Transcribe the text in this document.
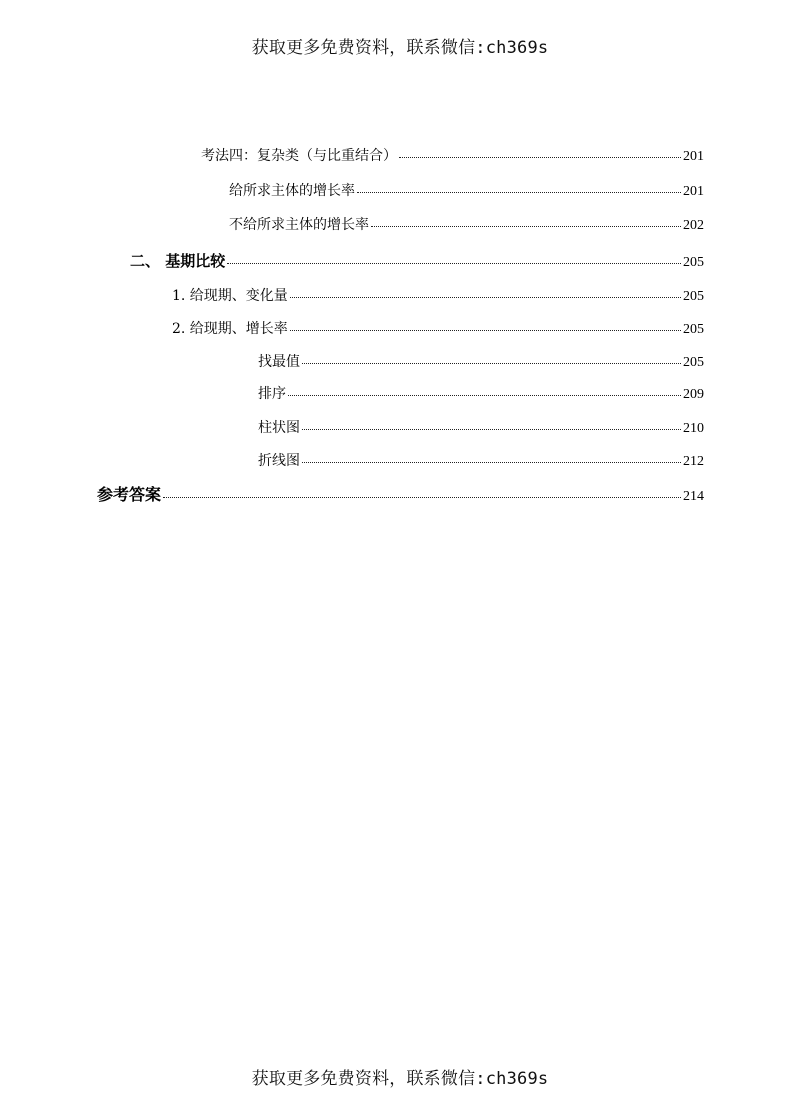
获取更多免费资料，联系微信:ch369s
考法四：复杂类（与比重结合）	201
给所求主体的增长率	201
不给所求主体的增长率	202
二、 基期比较	205
1. 给现期、变化量	205
2. 给现期、增长率	205
找最值	205
排序	209
柱状图	210
折线图	212
参考答案	214
获取更多免费资料，联系微信:ch369s
